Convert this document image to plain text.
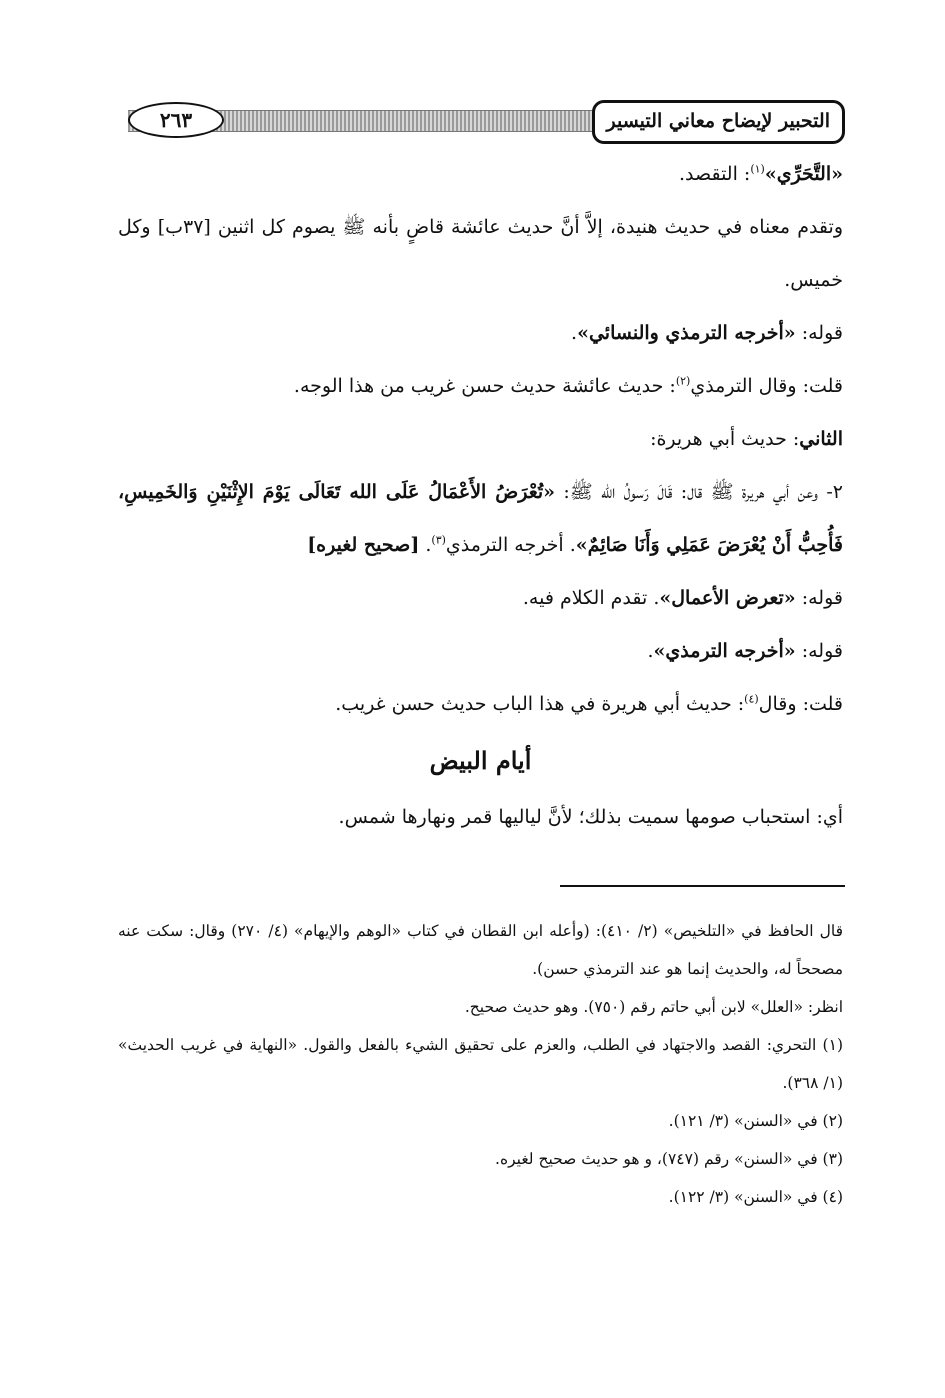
التحبير لإيضاح معاني التيسير
٢٦٣

«التَّحَرِّي»$^{(١)}$: التقصد.

وتقدم معناه في حديث هنيدة، إلاَّ أنَّ حديث عائشة قاضٍ بأنه ﷺ يصوم كل اثنين [٣٧ب] وكل خميس.

قوله: «أخرجه الترمذي والنسائي».

قلت: وقال الترمذي$^{(٢)}$: حديث عائشة حديث حسن غريب من هذا الوجه.

الثاني: حديث أبي هريرة:

٢- وعن أبي هريرة ﷺ قال: قَالَ رَسولُ الله ﷺ: «تُعْرَضُ الأَعْمَالُ عَلَى الله تَعَالَى يَوْمَ الإِثْنَيْنِ وَالخَمِيسِ، فَأُحِبُّ أَنْ يُعْرَضَ عَمَلِي وَأَنَا صَائِمٌ». أخرجه الترمذي$^{(٣)}$. [صحيح لغيره]

قوله: «تعرض الأعمال». تقدم الكلام فيه.

قوله: «أخرجه الترمذي».

قلت: وقال$^{(٤)}$: حديث أبي هريرة في هذا الباب حديث حسن غريب.

أيام البيض

أي: استحباب صومها سميت بذلك؛ لأنَّ لياليها قمر ونهارها شمس.

قال الحافظ في «التلخيص» (٢/ ٤١٠): (وأعله ابن القطان في كتاب «الوهم والإيهام» (٤/ ٢٧٠) وقال: سكت عنه مصححاً له، والحديث إنما هو عند الترمذي حسن).

انظر: «العلل» لابن أبي حاتم رقم (٧٥٠). وهو حديث صحيح.

(١) التحري: القصد والاجتهاد في الطلب، والعزم على تحقيق الشيء بالفعل والقول. «النهاية في غريب الحديث» (١/ ٣٦٨).

(٢) في «السنن» (٣/ ١٢١).

(٣) في «السنن» رقم (٧٤٧)، و هو حديث صحيح لغيره.

(٤) في «السنن» (٣/ ١٢٢).
